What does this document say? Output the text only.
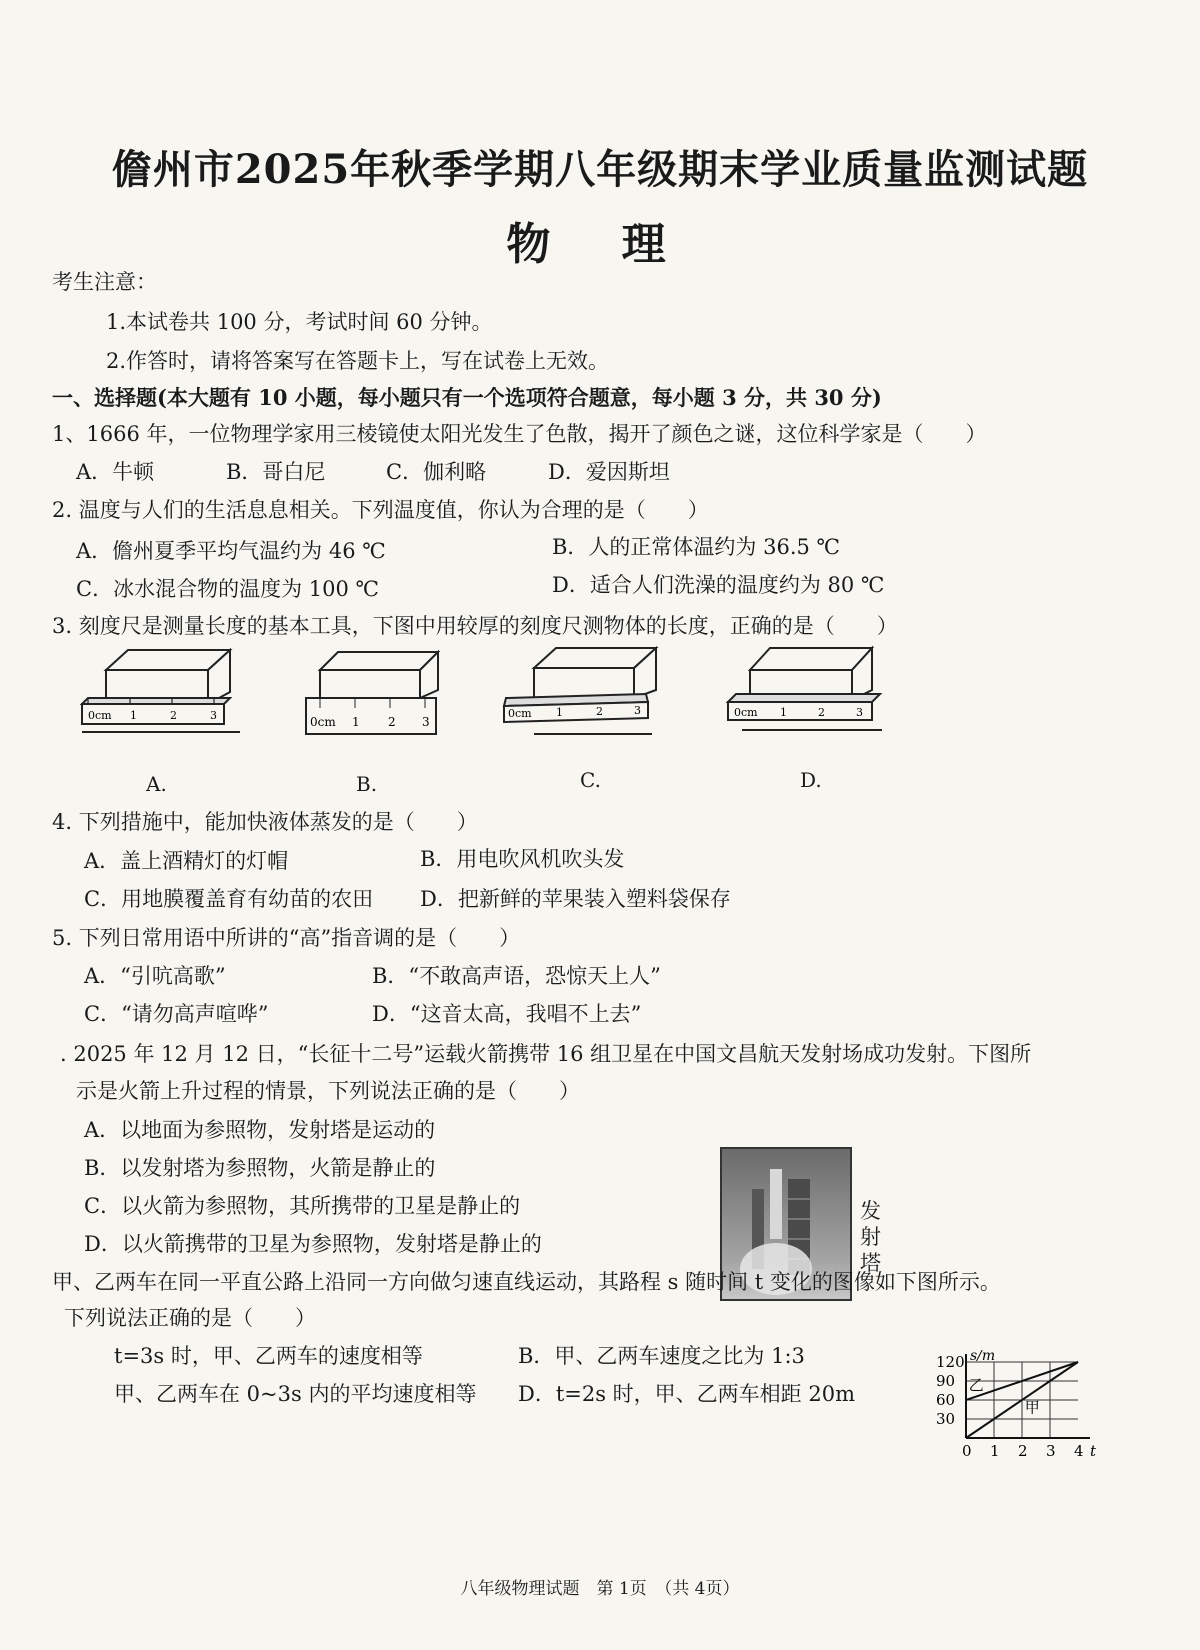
儋州市2025年秋季学期八年级期末学业质量监测试题
物 理
考生注意：
1.本试卷共 100 分，考试时间 60 分钟。
2.作答时，请将答案写在答题卡上，写在试卷上无效。
一、选择题(本大题有 10 小题，每小题只有一个选项符合题意，每小题 3 分，共 30 分)
1、1666 年，一位物理学家用三棱镜使太阳光发生了色散，揭开了颜色之谜，这位科学家是（　　）
A．牛顿	B．哥白尼	C．伽利略	D．爱因斯坦
2. 温度与人们的生活息息相关。下列温度值，你认为合理的是（　　）
A．儋州夏季平均气温约为 46 ℃	B．人的正常体温约为 36.5 ℃
C．冰水混合物的温度为 100 ℃	D．适合人们洗澡的温度约为 80 ℃
3. 刻度尺是测量长度的基本工具，下图中用较厚的刻度尺测物体的长度，正确的是（　　）
0cm 1	2	3
A.
0cm 1 2 3
B.
0cm 1	2	3
C.
0cm 1	2	3
D.
4. 下列措施中，能加快液体蒸发的是（　　）
A．盖上酒精灯的灯帽	B．用电吹风机吹头发
C．用地膜覆盖育有幼苗的农田 D．把新鲜的苹果装入塑料袋保存
5. 下列日常用语中所讲的“高”指音调的是（　　）
A．“引吭高歌”	B．“不敢高声语，恐惊天上人”
C．“请勿高声喧哗”	D．“这音太高，我唱不上去”
. 2025 年 12 月 12 日，“长征十二号”运载火箭携带 16 组卫星在中国文昌航天发射场成功发射。下图所
示是火箭上升过程的情景，下列说法正确的是（　　）
A．以地面为参照物，发射塔是运动的
B．以发射塔为参照物，火箭是静止的
C．以火箭为参照物，其所携带的卫星是静止的
D．以火箭携带的卫星为参照物，发射塔是静止的
发
射
塔
甲、乙两车在同一平直公路上沿同一方向做匀速直线运动，其路程 s 随时间 t 变化的图像如下图所示。
下列说法正确的是（　　）
t=3s 时，甲、乙两车的速度相等	B．甲、乙两车速度之比为 1:3
甲、乙两车在 0~3s 内的平均速度相等 D．t=2s 时，甲、乙两车相距 20m
0 1 2 3 4
30
60
90
120 s/m
t
甲
乙
八年级物理试题　第 1页　（共 4页）
